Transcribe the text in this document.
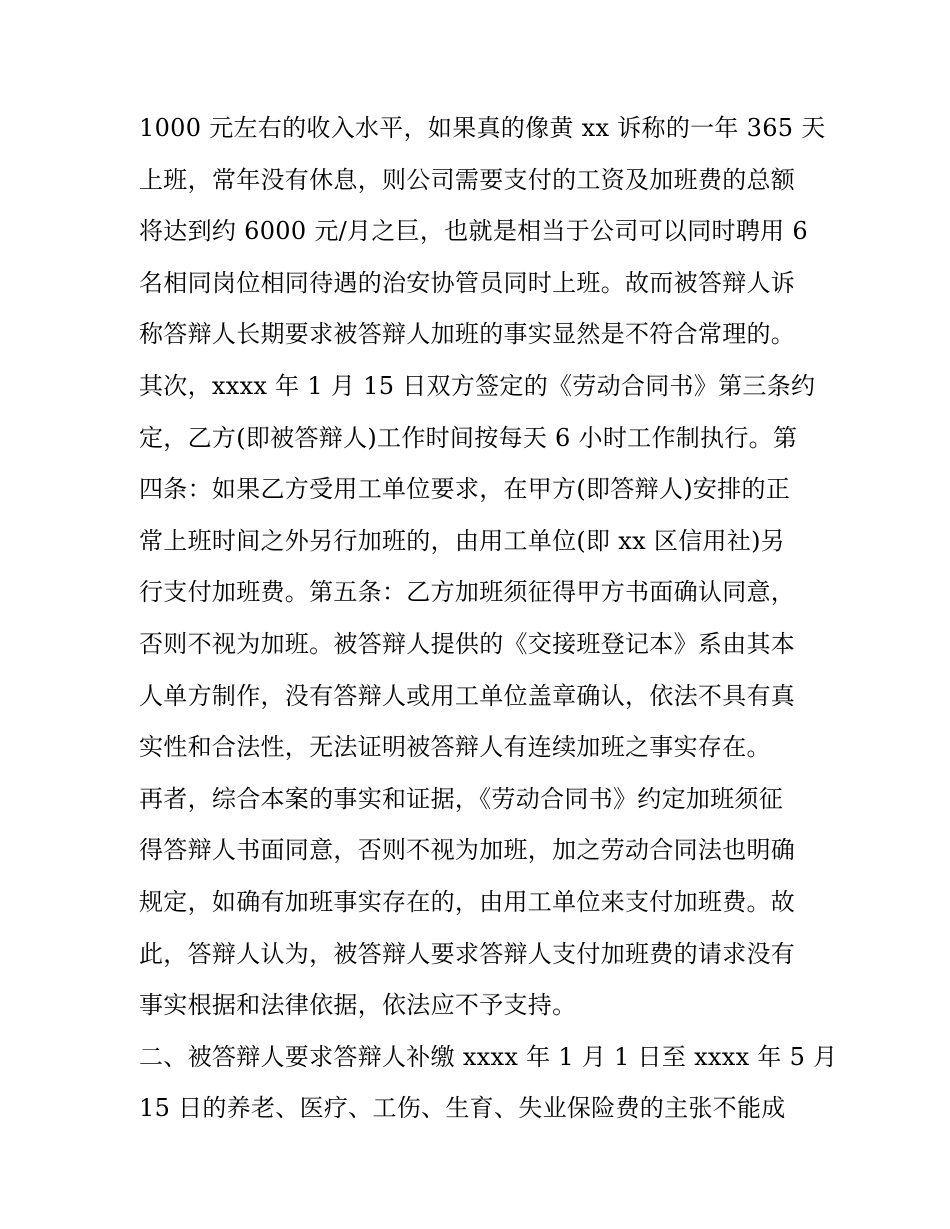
1000 元左右的收入水平，如果真的像黄 xx 诉称的一年 365 天
上班，常年没有休息，则公司需要支付的工资及加班费的总额
将达到约 6000 元/月之巨，也就是相当于公司可以同时聘用 6
名相同岗位相同待遇的治安协管员同时上班。故而被答辩人诉
称答辩人长期要求被答辩人加班的事实显然是不符合常理的。
其次，xxxx 年 1 月 15 日双方签定的《劳动合同书》第三条约
定，乙方(即被答辩人)工作时间按每天 6 小时工作制执行。第
四条：如果乙方受用工单位要求，在甲方(即答辩人)安排的正
常上班时间之外另行加班的，由用工单位(即 xx 区信用社)另
行支付加班费。第五条：乙方加班须征得甲方书面确认同意，
否则不视为加班。被答辩人提供的《交接班登记本》系由其本
人单方制作，没有答辩人或用工单位盖章确认，依法不具有真
实性和合法性，无法证明被答辩人有连续加班之事实存在。
再者，综合本案的事实和证据，《劳动合同书》约定加班须征
得答辩人书面同意，否则不视为加班，加之劳动合同法也明确
规定，如确有加班事实存在的，由用工单位来支付加班费。故
此，答辩人认为，被答辩人要求答辩人支付加班费的请求没有
事实根据和法律依据，依法应不予支持。
二、被答辩人要求答辩人补缴 xxxx 年 1 月 1 日至 xxxx 年 5 月
15 日的养老、医疗、工伤、生育、失业保险费的主张不能成
